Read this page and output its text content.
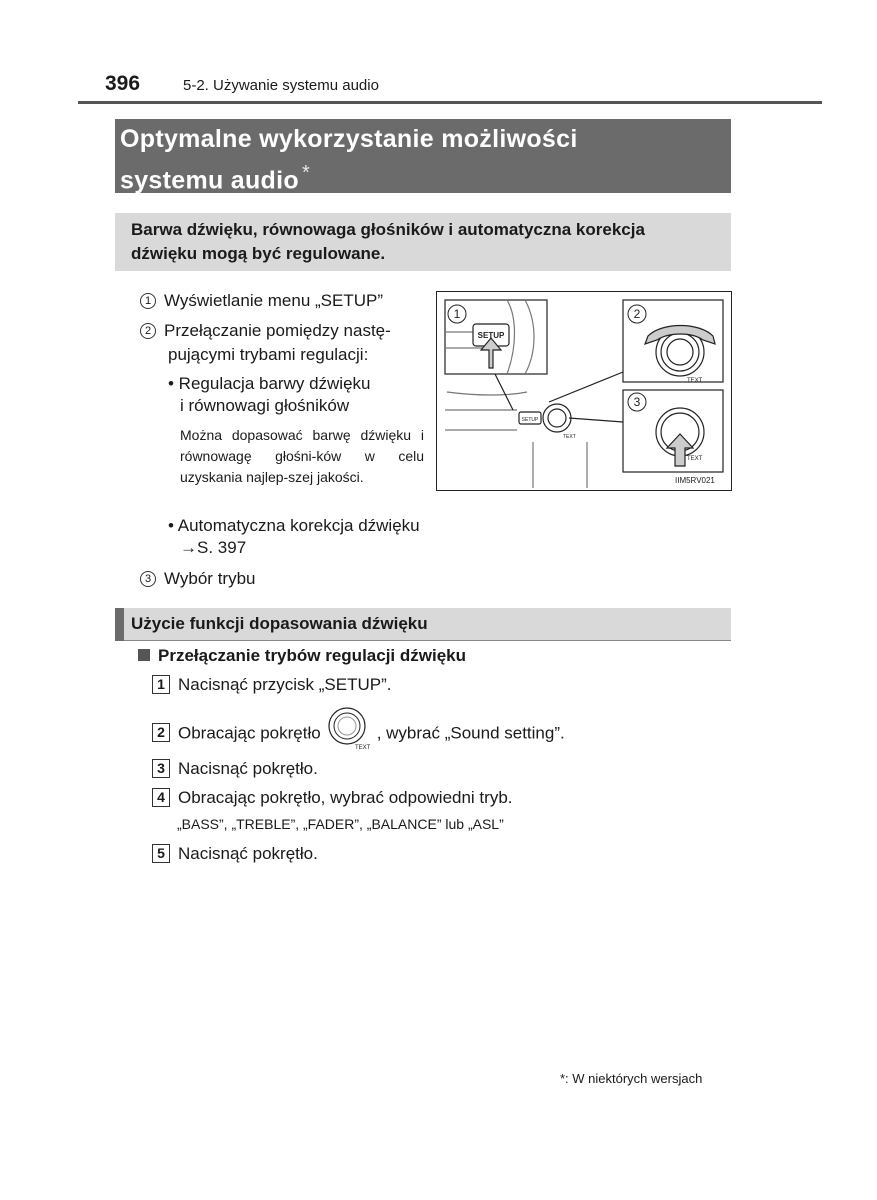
396	5-2. Używanie systemu audio
Optymalne wykorzystanie możliwości
systemu audio *
Barwa dźwięku, równowaga głośników i automatyczna korekcja
dźwięku mogą być regulowane.
1 Wyświetlanie menu „SETUP”
2 Przełączanie pomiędzy nastę-
pującymi trybami regulacji:
• Regulacja barwy dźwięku
i równowagi głośników
Można dopasować barwę dźwięku i równowagę głośni-ków w celu uzyskania najlep-szej jakości.
• Automatyczna korekcja dźwięku
→S. 397
3 Wybór trybu
1	2
3
SETUP
SETUP
TEXT
TEXT
TEXT
IIM5RV021
Użycie funkcji dopasowania dźwięku
Przełączanie trybów regulacji dźwięku
1 Nacisnąć przycisk „SETUP”.
2 Obracając pokrętło
TEXT
, wybrać „Sound setting”.
3 Nacisnąć pokrętło.
4 Obracając pokrętło, wybrać odpowiedni tryb.
„BASS”, „TREBLE”, „FADER”, „BALANCE” lub „ASL”
5 Nacisnąć pokrętło.
*: W niektórych wersjach
